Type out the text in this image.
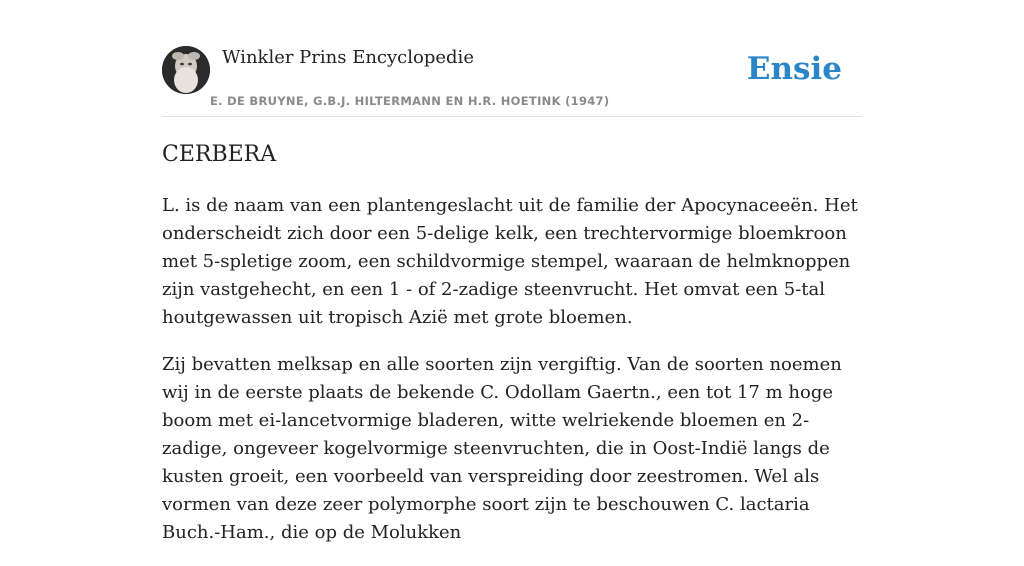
Winkler Prins Encyclopedie
E. DE BRUYNE, G.B.J. HILTERMANN EN H.R. HOETINK (1947)
Ensie
CERBERA

L. is de naam van een plantengeslacht uit de familie der Apocynaceeën. Het onderscheidt zich door een 5-delige kelk, een trechtervormige bloemkroon met 5-spletige zoom, een schildvormige stempel, waaraan de helmknoppen zijn vastgehecht, en een 1 - of 2-zadige steenvrucht. Het omvat een 5-tal houtgewassen uit tropisch Azië met grote bloemen.

Zij bevatten melksap en alle soorten zijn vergiftig. Van de soorten noemen wij in de eerste plaats de bekende C. Odollam Gaertn., een tot 17 m hoge boom met ei-lancetvormige bladeren, witte welriekende bloemen en 2-zadige, ongeveer kogelvormige steenvruchten, die in Oost-Indië langs de kusten groeit, een voorbeeld van verspreiding door zeestromen. Wel als vormen van deze zeer polymorphe soort zijn te beschouwen C. lactaria Buch.-Ham., die op de Molukken
